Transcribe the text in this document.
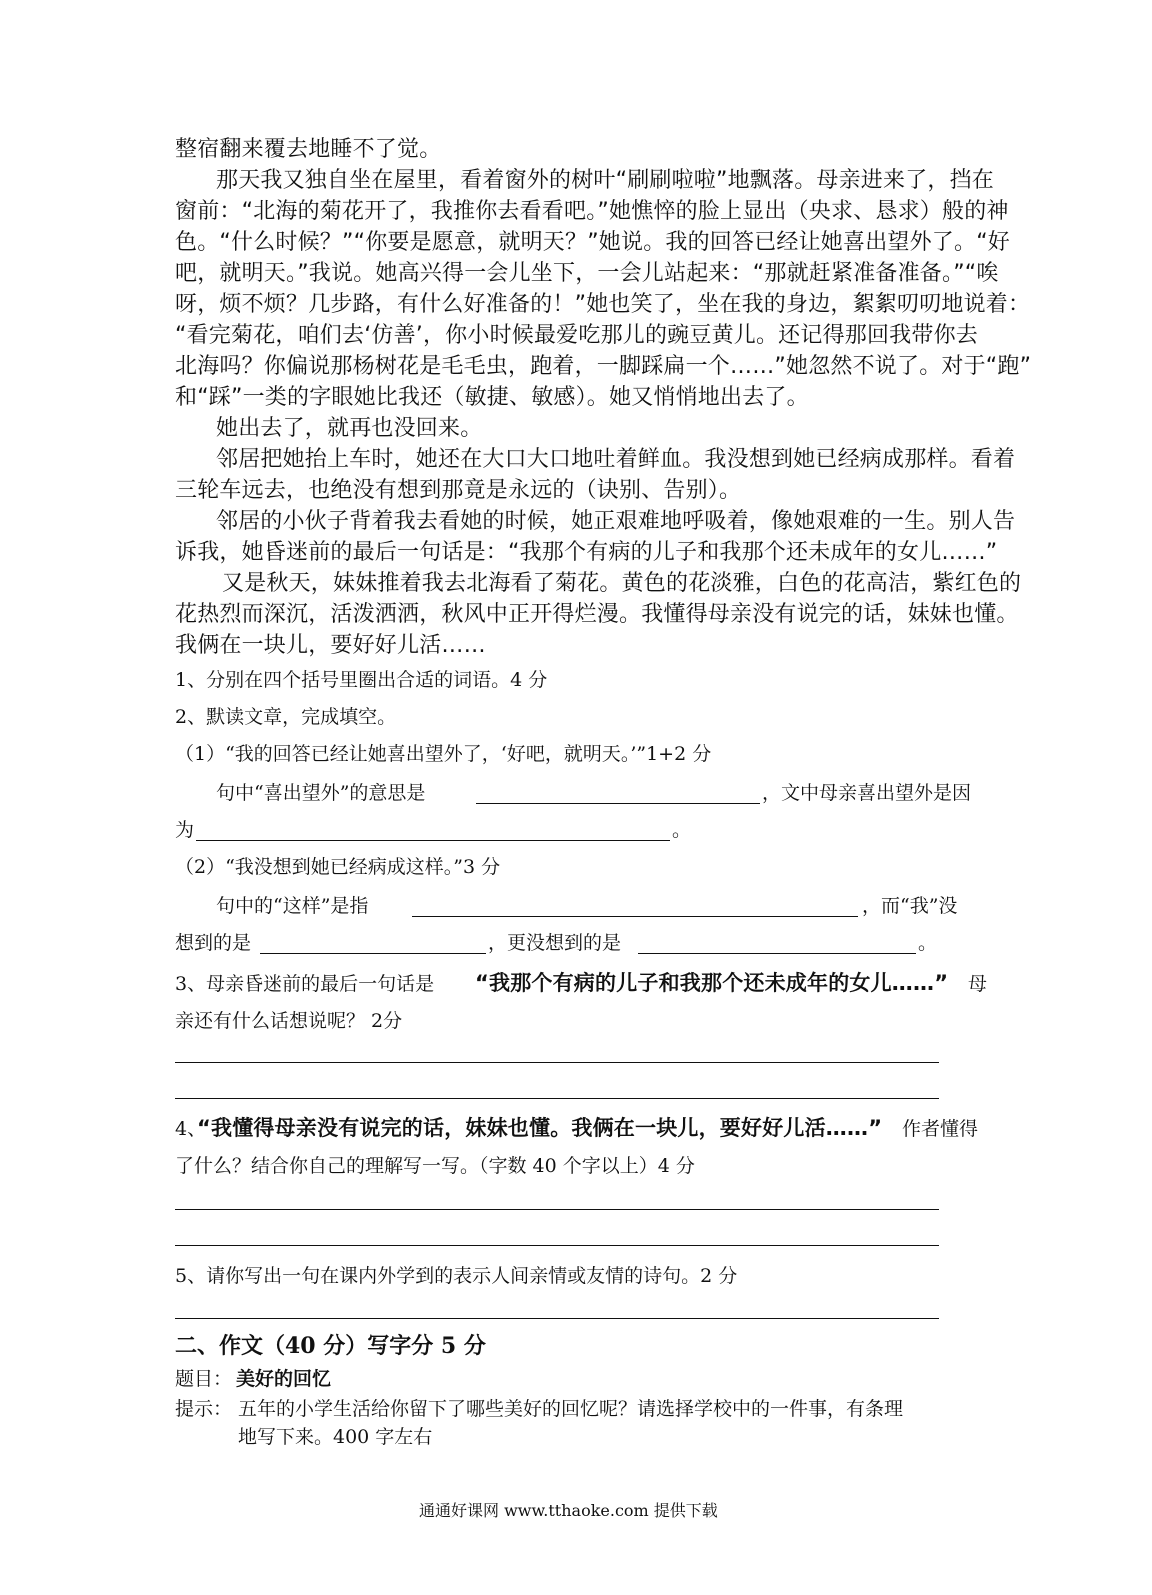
整宿翻来覆去地睡不了觉。
那天我又独自坐在屋里，看着窗外的树叶“刷刷啦啦”地飘落。母亲进来了，挡在
窗前：“北海的菊花开了，我推你去看看吧。”她憔悴的脸上显出（央求、恳求）般的神
色。“什么时候？”“你要是愿意，就明天？”她说。我的回答已经让她喜出望外了。“好
吧，就明天。”我说。她高兴得一会儿坐下，一会儿站起来：“那就赶紧准备准备。”“唉
呀，烦不烦？几步路，有什么好准备的！”她也笑了，坐在我的身边，絮絮叨叨地说着：
“看完菊花，咱们去‘仿善’，你小时候最爱吃那儿的豌豆黄儿。还记得那回我带你去
北海吗？你偏说那杨树花是毛毛虫，跑着，一脚踩扁一个……”她忽然不说了。对于“跑”
和“踩”一类的字眼她比我还（敏捷、敏感）。她又悄悄地出去了。
她出去了，就再也没回来。
邻居把她抬上车时，她还在大口大口地吐着鲜血。我没想到她已经病成那样。看着
三轮车远去，也绝没有想到那竟是永远的（诀别、告别）。
邻居的小伙子背着我去看她的时候，她正艰难地呼吸着，像她艰难的一生。别人告
诉我，她昏迷前的最后一句话是：“我那个有病的儿子和我那个还未成年的女儿……”
又是秋天，妹妹推着我去北海看了菊花。黄色的花淡雅，白色的花高洁，紫红色的
花热烈而深沉，活泼洒洒，秋风中正开得烂漫。我懂得母亲没有说完的话，妹妹也懂。
我俩在一块儿，要好好儿活……
1、分别在四个括号里圈出合适的词语。4 分
2、默读文章，完成填空。
（1）“我的回答已经让她喜出望外了，‘好吧，就明天。’”1+2 分
句中“喜出望外”的意思是	，文中母亲喜出望外是因
为	。
（2）“我没想到她已经病成这样。”3 分
句中的“这样”是指	，而“我”没
想到的是	，更没想到的是	。
3、母亲昏迷前的最后一句话是 “我那个有病的儿子和我那个还未成年的女儿……” 母
亲还有什么话想说呢？ 2分
4、
“我懂得母亲没有说完的话，妹妹也懂。我俩在一块儿，要好好儿活……” 作者懂得
了什么？结合你自己的理解写一写。（字数 40 个字以上）4 分
5、请你写出一句在课内外学到的表示人间亲情或友情的诗句。2 分
二、作文（40 分）写字分 5 分
题目： 美好的回忆
提示： 五年的小学生活给你留下了哪些美好的回忆呢？请选择学校中的一件事，有条理
地写下来。400 字左右
通通好课网 www.tthaoke.com 提供下载
